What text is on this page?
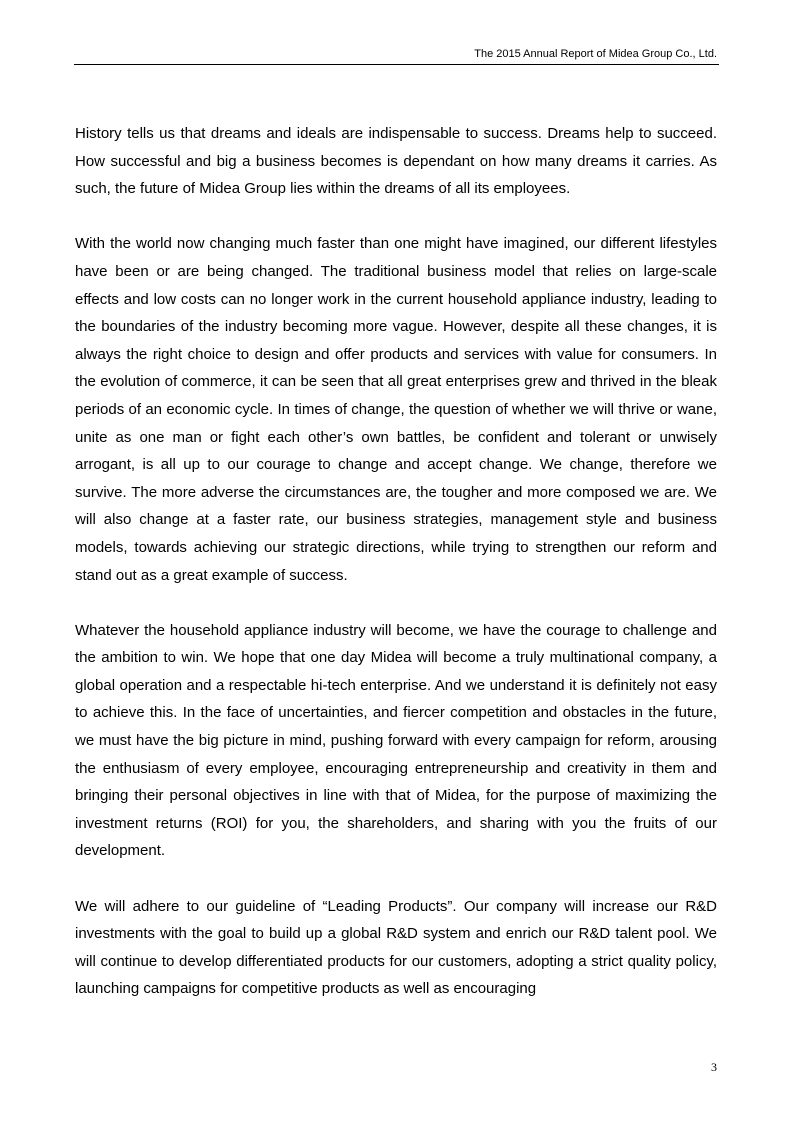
The 2015 Annual Report of Midea Group Co., Ltd.

History tells us that dreams and ideals are indispensable to success. Dreams help to succeed. How successful and big a business becomes is dependant on how many dreams it carries. As such, the future of Midea Group lies within the dreams of all its employees.

With the world now changing much faster than one might have imagined, our different lifestyles have been or are being changed. The traditional business model that relies on large-scale effects and low costs can no longer work in the current household appliance industry, leading to the boundaries of the industry becoming more vague. However, despite all these changes, it is always the right choice to design and offer products and services with value for consumers. In the evolution of commerce, it can be seen that all great enterprises grew and thrived in the bleak periods of an economic cycle. In times of change, the question of whether we will thrive or wane, unite as one man or fight each other’s own battles, be confident and tolerant or unwisely arrogant, is all up to our courage to change and accept change. We change, therefore we survive. The more adverse the circumstances are, the tougher and more composed we are. We will also change at a faster rate, our business strategies, management style and business models, towards achieving our strategic directions, while trying to strengthen our reform and stand out as a great example of success.

Whatever the household appliance industry will become, we have the courage to challenge and the ambition to win. We hope that one day Midea will become a truly multinational company, a global operation and a respectable hi-tech enterprise. And we understand it is definitely not easy to achieve this. In the face of uncertainties, and fiercer competition and obstacles in the future, we must have the big picture in mind, pushing forward with every campaign for reform, arousing the enthusiasm of every employee, encouraging entrepreneurship and creativity in them and bringing their personal objectives in line with that of Midea, for the purpose of maximizing the investment returns (ROI) for you, the shareholders, and sharing with you the fruits of our development.

We will adhere to our guideline of “Leading Products”. Our company will increase our R&D investments with the goal to build up a global R&D system and enrich our R&D talent pool. We will continue to develop differentiated products for our customers, adopting a strict quality policy, launching campaigns for competitive products as well as encouraging

3
